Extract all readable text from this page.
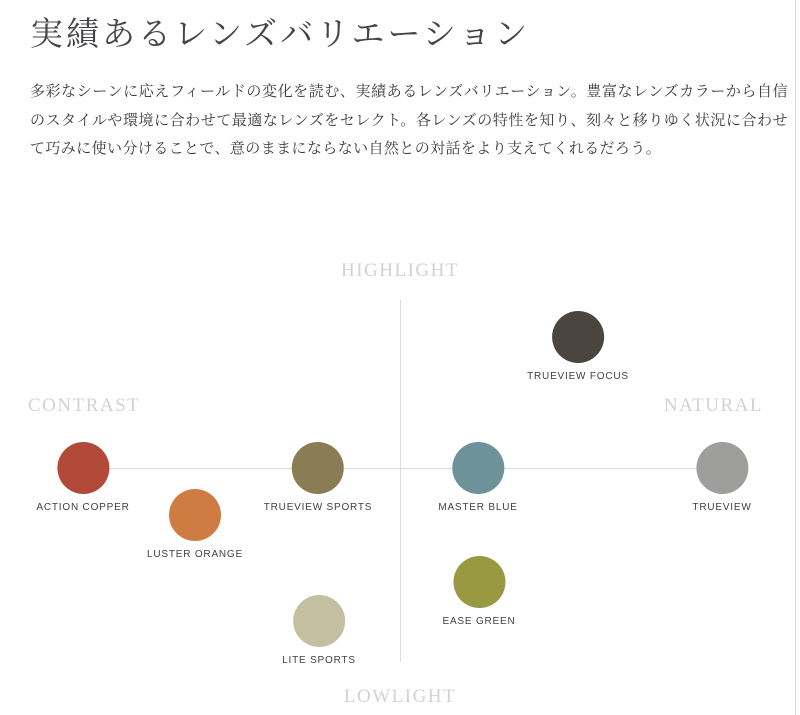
実績あるレンズバリエーション

多彩なシーンに応えフィールドの変化を読む、実績あるレンズバリエーション。豊富なレンズカラーから自信のスタイルや環境に合わせて最適なレンズをセレクト。各レンズの特性を知り、刻々と移りゆく状況に合わせて巧みに使い分けることで、意のままにならない自然との対話をより支えてくれるだろう。

HIGHLIGHT
CONTRAST	NATURAL
LOWLIGHT
TRUEVIEW FOCUS
ACTION COPPER
LUSTER ORANGE
TRUEVIEW SPORTS	MASTER BLUE	TRUEVIEW
EASE GREEN
LITE SPORTS
